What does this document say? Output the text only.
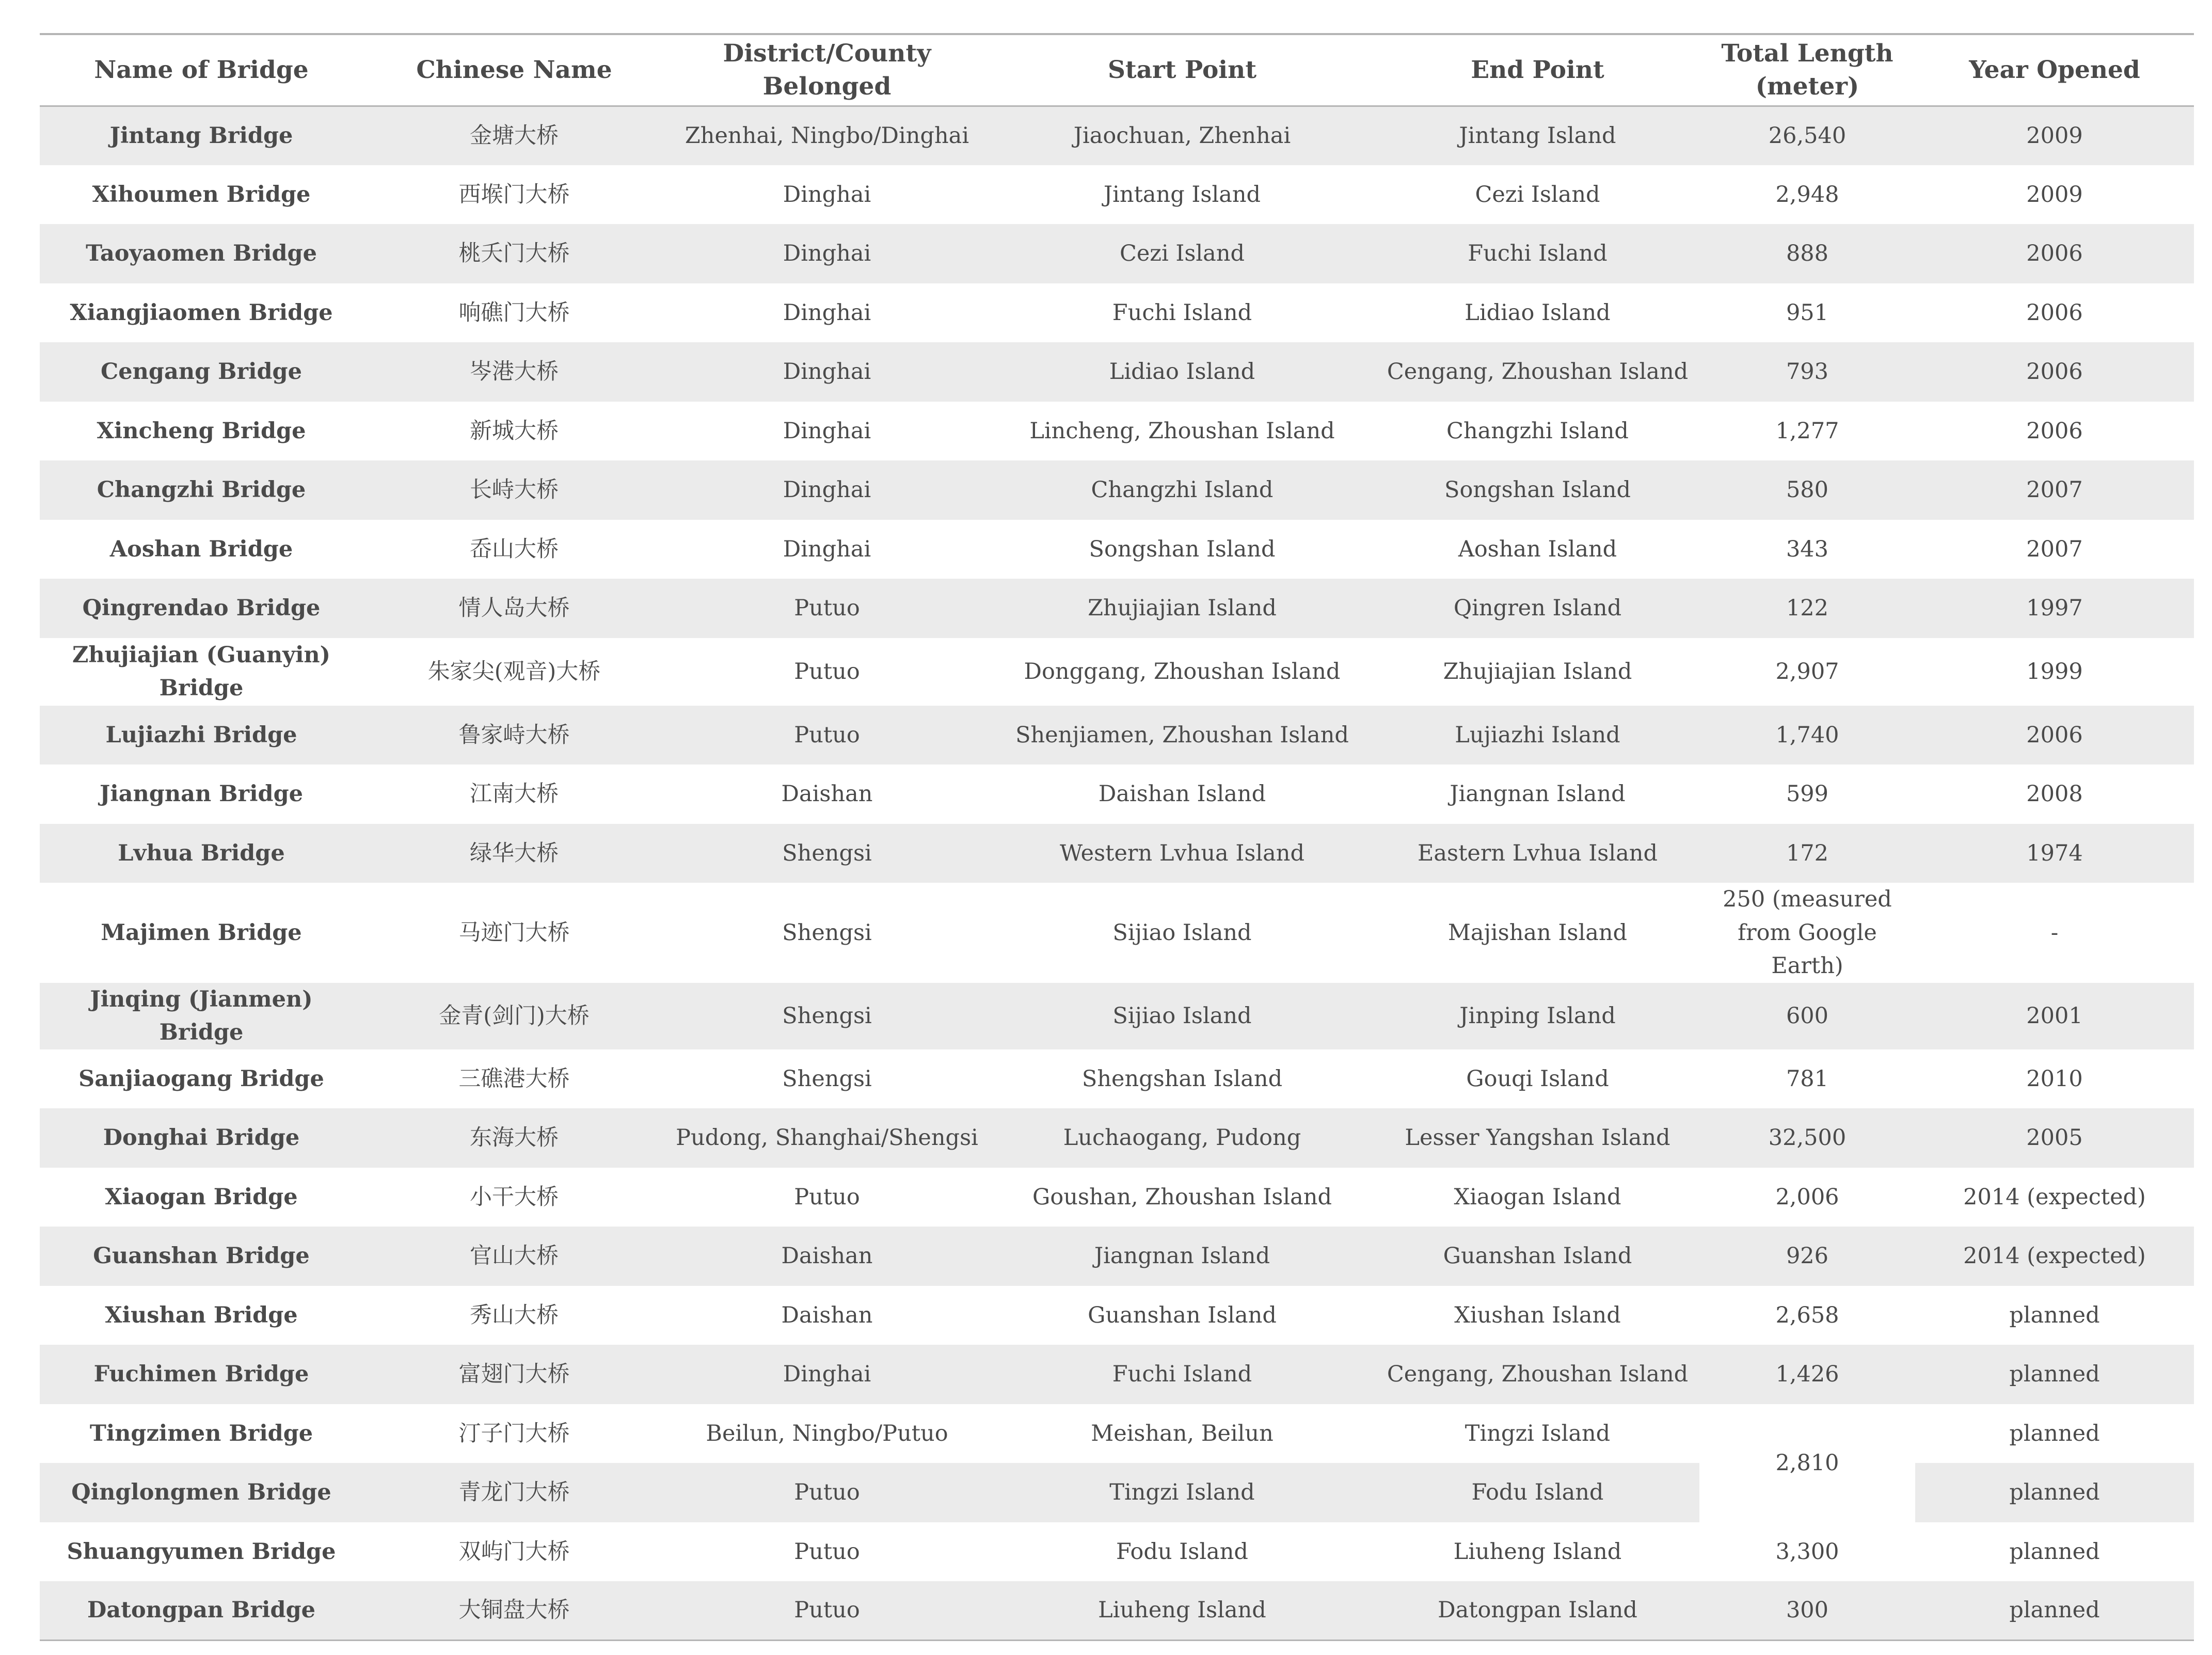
Name of Bridge	Chinese Name	District/County Belonged	Start Point	End Point	Total Length (meter)	Year Opened
Jintang Bridge	金塘大桥	Zhenhai, Ningbo/Dinghai	Jiaochuan, Zhenhai	Jintang Island	26,540	2009
Xihoumen Bridge	西堠门大桥	Dinghai	Jintang Island	Cezi Island	2,948	2009
Taoyaomen Bridge	桃夭门大桥	Dinghai	Cezi Island	Fuchi Island	888	2006
Xiangjiaomen Bridge	响礁门大桥	Dinghai	Fuchi Island	Lidiao Island	951	2006
Cengang Bridge	岑港大桥	Dinghai	Lidiao Island	Cengang, Zhoushan Island	793	2006
Xincheng Bridge	新城大桥	Dinghai	Lincheng, Zhoushan Island	Changzhi Island	1,277	2006
Changzhi Bridge	长峙大桥	Dinghai	Changzhi Island	Songshan Island	580	2007
Aoshan Bridge	岙山大桥	Dinghai	Songshan Island	Aoshan Island	343	2007
Qingrendao Bridge	情人岛大桥	Putuo	Zhujiajian Island	Qingren Island	122	1997
Zhujiajian (Guanyin) Bridge	朱家尖(观音)大桥	Putuo	Donggang, Zhoushan Island	Zhujiajian Island	2,907	1999
Lujiazhi Bridge	鲁家峙大桥	Putuo	Shenjiamen, Zhoushan Island	Lujiazhi Island	1,740	2006
Jiangnan Bridge	江南大桥	Daishan	Daishan Island	Jiangnan Island	599	2008
Lvhua Bridge	绿华大桥	Shengsi	Western Lvhua Island	Eastern Lvhua Island	172	1974
Majimen Bridge	马迹门大桥	Shengsi	Sijiao Island	Majishan Island	250 (measured from Google Earth)	-
Jinqing (Jianmen) Bridge	金青(剑门)大桥	Shengsi	Sijiao Island	Jinping Island	600	2001
Sanjiaogang Bridge	三礁港大桥	Shengsi	Shengshan Island	Gouqi Island	781	2010
Donghai Bridge	东海大桥	Pudong, Shanghai/Shengsi	Luchaogang, Pudong	Lesser Yangshan Island	32,500	2005
Xiaogan Bridge	小干大桥	Putuo	Goushan, Zhoushan Island	Xiaogan Island	2,006	2014 (expected)
Guanshan Bridge	官山大桥	Daishan	Jiangnan Island	Guanshan Island	926	2014 (expected)
Xiushan Bridge	秀山大桥	Daishan	Guanshan Island	Xiushan Island	2,658	planned
Fuchimen Bridge	富翅门大桥	Dinghai	Fuchi Island	Cengang, Zhoushan Island	1,426	planned
Tingzimen Bridge	汀子门大桥	Beilun, Ningbo/Putuo	Meishan, Beilun	Tingzi Island	2,810	planned
Qinglongmen Bridge	青龙门大桥	Putuo	Tingzi Island	Fodu Island		planned
Shuangyumen Bridge	双屿门大桥	Putuo	Fodu Island	Liuheng Island	3,300	planned
Datongpan Bridge	大铜盘大桥	Putuo	Liuheng Island	Datongpan Island	300	planned
